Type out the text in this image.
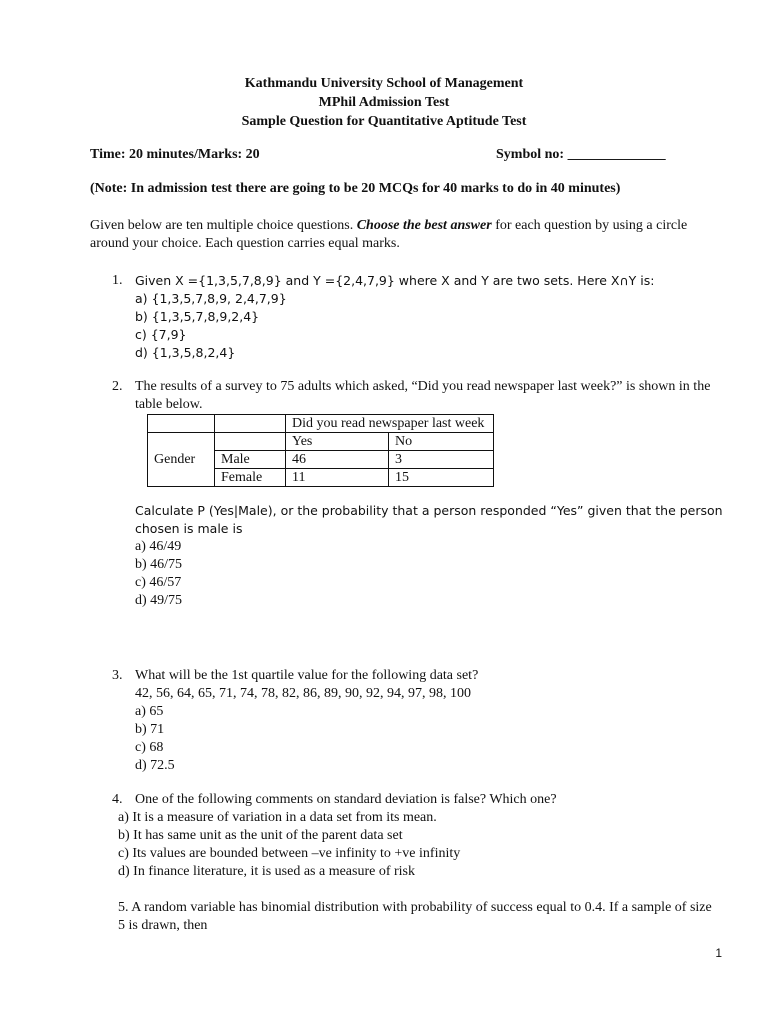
Kathmandu University School of Management
MPhil Admission Test
Sample Question for Quantitative Aptitude Test
Time: 20 minutes/Marks: 20	Symbol no: ______________
(Note: In admission test there are going to be 20 MCQs for 40 marks to do in 40 minutes)
Given below are ten multiple choice questions. Choose the best answer for each question by using a circle around your choice. Each question carries equal marks.
1. Given X ={1,3,5,7,8,9} and Y ={2,4,7,9} where X and Y are two sets. Here X∩Y is:
a) {1,3,5,7,8,9, 2,4,7,9}
b) {1,3,5,7,8,9,2,4}
c) {7,9}
d) {1,3,5,8,2,4}
2. The results of a survey to 75 adults which asked, “Did you read newspaper last week?” is shown in the table below.
		Did you read newspaper last week	
Gender		Yes	No
	Male	46	3
	Female	11	15
Calculate P (Yes|Male), or the probability that a person responded “Yes” given that the person chosen is male is
a) 46/49
b) 46/75
c) 46/57
d) 49/75
3. What will be the 1st quartile value for the following data set?
42, 56, 64, 65, 71, 74, 78, 82, 86, 89, 90, 92, 94, 97, 98, 100
a) 65
b) 71
c) 68
d) 72.5
4. One of the following comments on standard deviation is false? Which one?
a) It is a measure of variation in a data set from its mean.
b) It has same unit as the unit of the parent data set
c) Its values are bounded between –ve infinity to +ve infinity
d) In finance literature, it is used as a measure of risk
5. A random variable has binomial distribution with probability of success equal to 0.4. If a sample of size 5 is drawn, then
1
